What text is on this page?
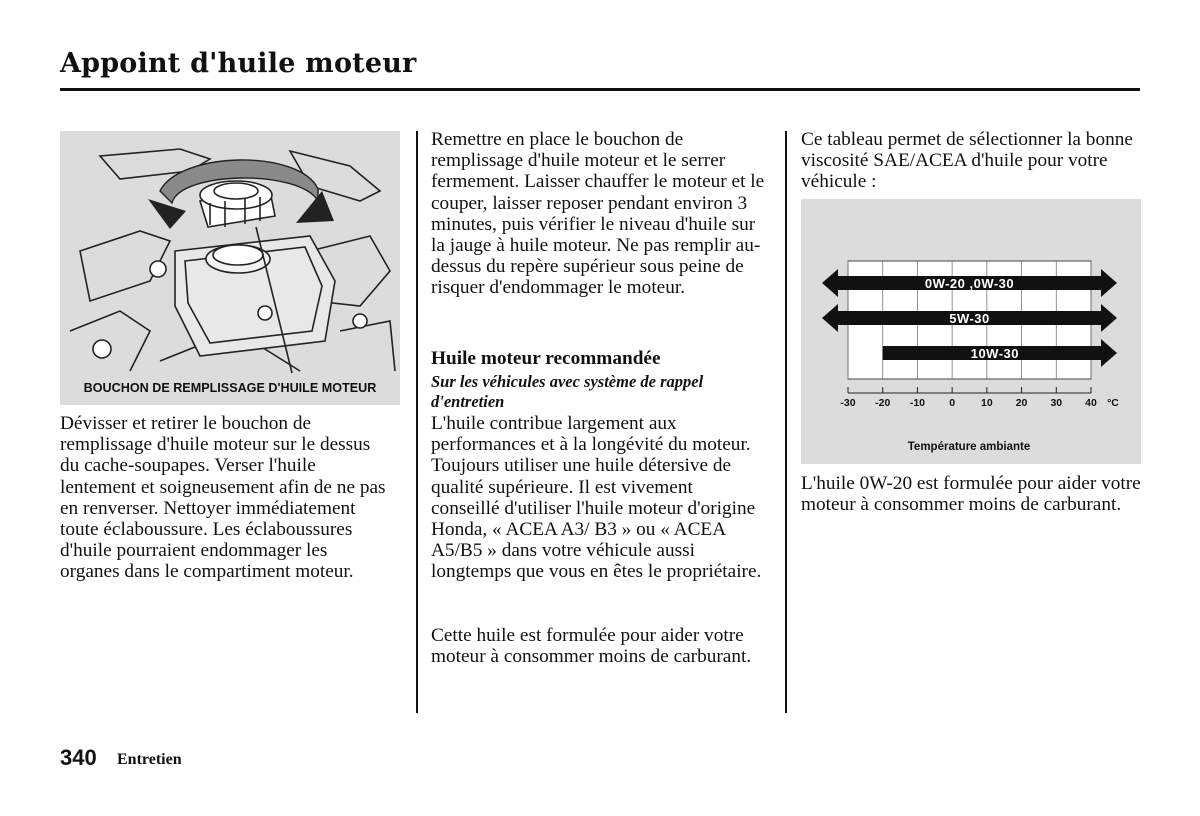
Appoint d'huile moteur
BOUCHON DE REMPLISSAGE D'HUILE MOTEUR

Dévisser et retirer le bouchon de remplissage d'huile moteur sur le dessus du cache-soupapes. Verser l'huile lentement et soigneusement afin de ne pas en renverser. Nettoyer immédiatement toute éclaboussure. Les éclaboussures d'huile pourraient endommager les organes dans le compartiment moteur.

Remettre en place le bouchon de remplissage d'huile moteur et le serrer fermement. Laisser chauffer le moteur et le couper, laisser reposer pendant environ 3 minutes, puis vérifier le niveau d'huile sur la jauge à huile moteur. Ne pas remplir au-dessus du repère supérieur sous peine de risquer d'endommager le moteur.

Huile moteur recommandée
Sur les véhicules avec système de rappel d'entretien

L'huile contribue largement aux performances et à la longévité du moteur. Toujours utiliser une huile détersive de qualité supérieure. Il est vivement conseillé d'utiliser l'huile moteur d'origine Honda, « ACEA A3/ B3 » ou « ACEA A5/B5 » dans votre véhicule aussi longtemps que vous en êtes le propriétaire.

Cette huile est formulée pour aider votre moteur à consommer moins de carburant.

Ce tableau permet de sélectionner la bonne viscosité SAE/ACEA d'huile pour votre véhicule :

-30 -20 -10 0 10 20 30 40 °C
Température ambiante
0W-20 ,0W-30
5W-30
10W-30

L'huile 0W-20 est formulée pour aider votre moteur à consommer moins de carburant.

340 Entretien
